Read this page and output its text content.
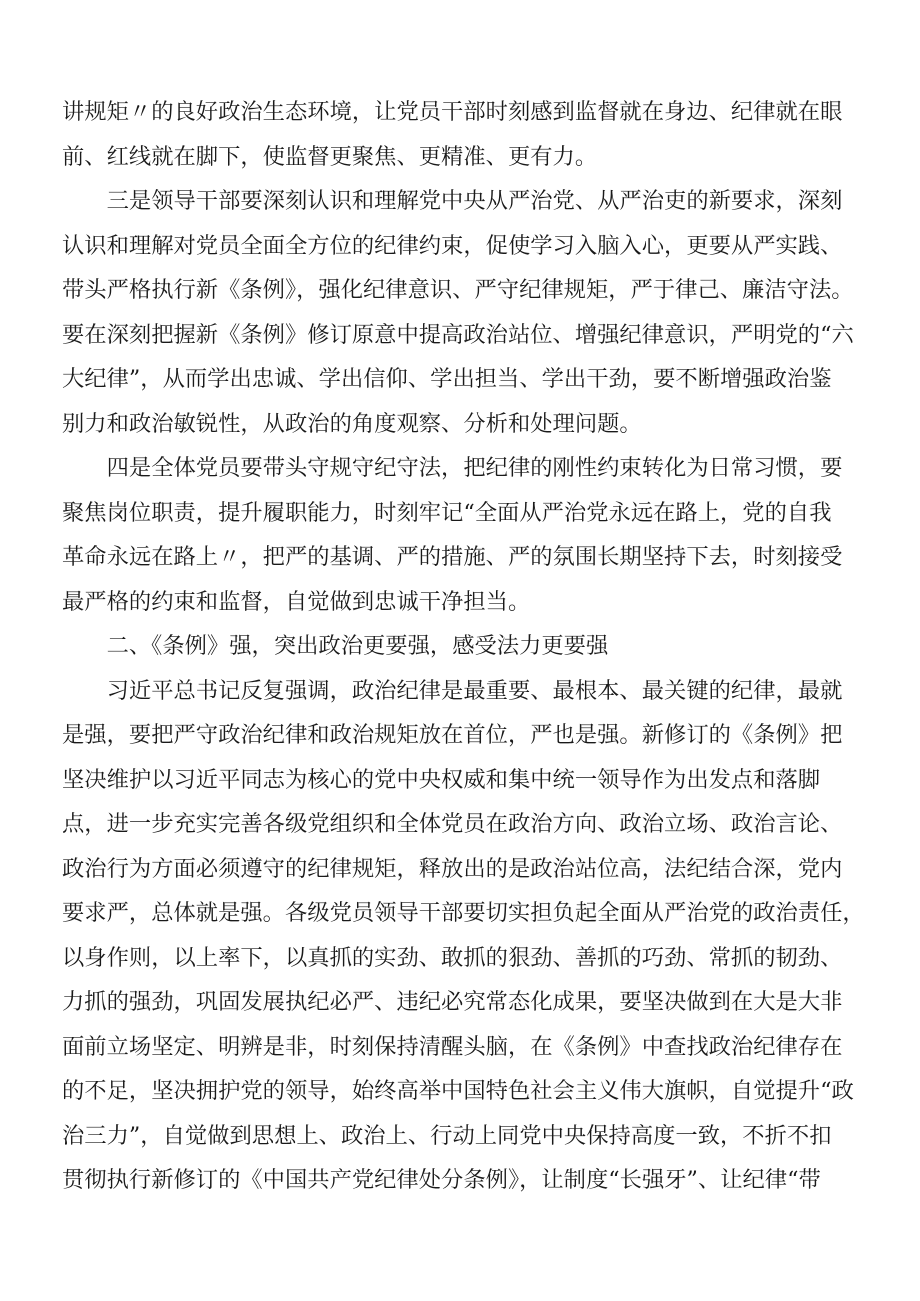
讲规矩〃的良好政治生态环境，让党员干部时刻感到监督就在身边、纪律就在眼
前、红线就在脚下，使监督更聚焦、更精准、更有力。
　　三是领导干部要深刻认识和理解党中央从严治党、从严治吏的新要求，深刻
认识和理解对党员全面全方位的纪律约束，促使学习入脑入心，更要从严实践、
带头严格执行新《条例》，强化纪律意识、严守纪律规矩，严于律己、廉洁守法。
要在深刻把握新《条例》修订原意中提高政治站位、增强纪律意识，严明党的“六
大纪律”，从而学出忠诚、学出信仰、学出担当、学出干劲，要不断增强政治鉴
别力和政治敏锐性，从政治的角度观察、分析和处理问题。
　　四是全体党员要带头守规守纪守法，把纪律的刚性约束转化为日常习惯，要
聚焦岗位职责，提升履职能力，时刻牢记“全面从严治党永远在路上，党的自我
革命永远在路上〃，把严的基调、严的措施、严的氛围长期坚持下去，时刻接受
最严格的约束和监督，自觉做到忠诚干净担当。
　　二、《条例》强，突出政治更要强，感受法力更要强
　　习近平总书记反复强调，政治纪律是最重要、最根本、最关键的纪律，最就
是强，要把严守政治纪律和政治规矩放在首位，严也是强。新修订的《条例》把
坚决维护以习近平同志为核心的党中央权威和集中统一领导作为出发点和落脚
点，进一步充实完善各级党组织和全体党员在政治方向、政治立场、政治言论、
政治行为方面必须遵守的纪律规矩，释放出的是政治站位高，法纪结合深，党内
要求严，总体就是强。各级党员领导干部要切实担负起全面从严治党的政治责任，
以身作则，以上率下，以真抓的实劲、敢抓的狠劲、善抓的巧劲、常抓的韧劲、
力抓的强劲，巩固发展执纪必严、违纪必究常态化成果，要坚决做到在大是大非
面前立场坚定、明辨是非，时刻保持清醒头脑，在《条例》中查找政治纪律存在
的不足，坚决拥护党的领导，始终高举中国特色社会主义伟大旗帜，自觉提升“政
治三力”，自觉做到思想上、政治上、行动上同党中央保持高度一致，不折不扣
贯彻执行新修订的《中国共产党纪律处分条例》，让制度“长强牙”、让纪律“带
